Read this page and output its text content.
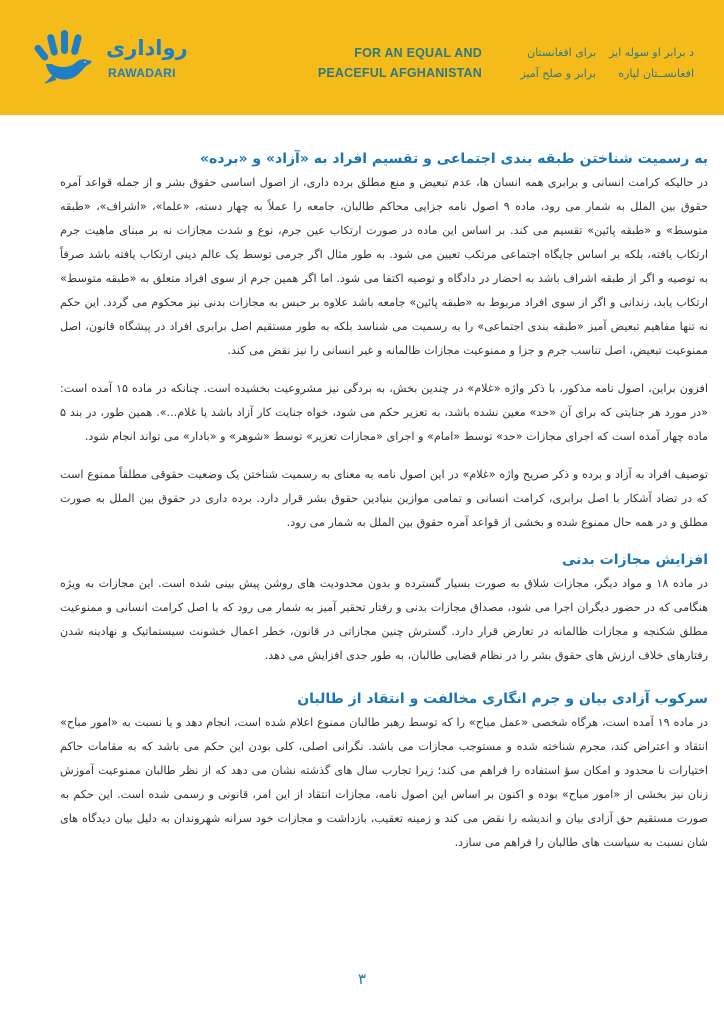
رواداری
RAWADARI
FOR AN EQUAL AND
PEACEFUL AFGHANISTAN
برای افغانستان
برابر و صلح آمیز
د برابر او سوله ایز
افغانســتان لپاره
به رسمیت شناختن طبقه بندی اجتماعی و تقسیم افراد به «آزاد» و «برده»

در حالیکه کرامت انسانی و برابری همه انسان ها، عدم تبعیض و منع مطلق برده داری، از اصول اساسی حقوق بشر و از جمله قواعد آمره حقوق بین الملل به شمار می رود، ماده ۹ اصول نامه جزایی محاکم طالبان، جامعه را عملاً به چهار دسته، «علما»، «اشراف»، «طبقه متوسط» و «طبقه پائین» تقسیم می کند. بر اساس این ماده در صورت ارتکاب عین جرم، نوع و شدت مجازات نه بر مبنای ماهیت جرم ارتکاب یافته، بلکه بر اساس جایگاه اجتماعی مرتکب تعیین می شود. به طور مثال اگر جرمی توسط یک عالم دینی ارتکاب یافته باشد صرفاً به توصیه و اگر از طبقه اشراف باشد به احضار در دادگاه و توصیه اکتفا می شود. اما اگر همین جرم از سوی افراد متعلق به «طبقه متوسط» ارتکاب یابد، زندانی و اگر از سوی افراد مربوط به «طبقه پائین» جامعه باشد علاوه بر حبس به مجازات بدنی نیز محکوم می گردد. این حکم نه تنها مفاهیم تبعیض آمیز «طبقه بندی اجتماعی» را به رسمیت می شناسد بلکه به طور مستقیم اصل برابری افراد در پیشگاه قانون، اصل ممنوعیت تبعیض، اصل تناسب جرم و جزا و ممنوعیت مجازات ظالمانه و غیر انسانی را نیز نقض می کند.

افزون براین، اصول نامه مذکور، با ذکر واژه «غلام» در چندین بخش، به بردگی نیز مشروعیت بخشیده است. چنانکه در ماده ۱۵ آمده است: «در مورد هر جنایتی که برای آن «حد» معین نشده باشد، به تعزیر حکم می شود، خواه جنایت کار آزاد باشد یا غلام...». همین طور، در بند ۵ ماده چهار آمده است که اجرای مجازات «حد» توسط «امام» و اجرای «مجازات تعزیر» توسط «شوهر» و «بادار» می تواند انجام شود.

توصیف افراد به آزاد و برده و ذکر صریح واژه «غلام» در این اصول نامه به معنای به رسمیت شناختن یک وضعیت حقوقی مطلقاً ممنوع است که در تضاد آشکار با اصل برابری، کرامت انسانی و تمامی موازین بنیادین حقوق بشر قرار دارد. برده داری در حقوق بین الملل به صورت مطلق و در همه حال ممنوع شده و بخشی از قواعد آمره حقوق بین الملل به شمار می رود.

افزایش مجازات بدنی

در ماده ۱۸ و مواد دیگر، مجازات شلاق به صورت بسیار گسترده و بدون محدودیت های روشن پیش بینی شده است. این مجازات به ویژه هنگامی که در حضور دیگران اجرا می شود، مصداق مجازات بدنی و رفتار تحقیر آمیز به شمار می رود که با اصل کرامت انسانی و ممنوعیت مطلق شکنجه و مجازات ظالمانه در تعارض قرار دارد. گسترش چنین مجازاتی در قانون، خطر اعمال خشونت سیستماتیک و نهادینه شدن رفتارهای خلاف ارزش های حقوق بشر را در نظام قضایی طالبان، به طور جدی افزایش می دهد.

سرکوب آزادی بیان و جرم انگاری مخالفت و انتقاد از طالبان

در ماده ۱۹ آمده است، هرگاه شخصی «عمل مباح» را که توسط رهبر طالبان ممنوع اعلام شده است، انجام دهد و یا نسبت به «امور مباح» انتقاد و اعتراض کند، مجرم شناخته شده و مستوجب مجازات می باشد. نگرانی اصلی، کلی بودن این حکم می باشد که به مقامات حاکم اختیارات نا محدود و امکان سؤ استفاده را فراهم می کند؛ زیرا تجارب سال های گذشته نشان می دهد که از نظر طالبان ممنوعیت آموزش زنان نیز بخشی از «امور مباح» بوده و اکنون بر اساس این اصول نامه، مجازات انتقاد از این امر، قانونی و رسمی شده است. این حکم به صورت مستقیم حق آزادی بیان و اندیشه را نقض می کند و زمینه تعقیب، بازداشت و مجازات خود سرانه شهروندان به دلیل بیان دیدگاه های شان نسبت به سیاست های طالبان را فراهم می سازد.

۳
